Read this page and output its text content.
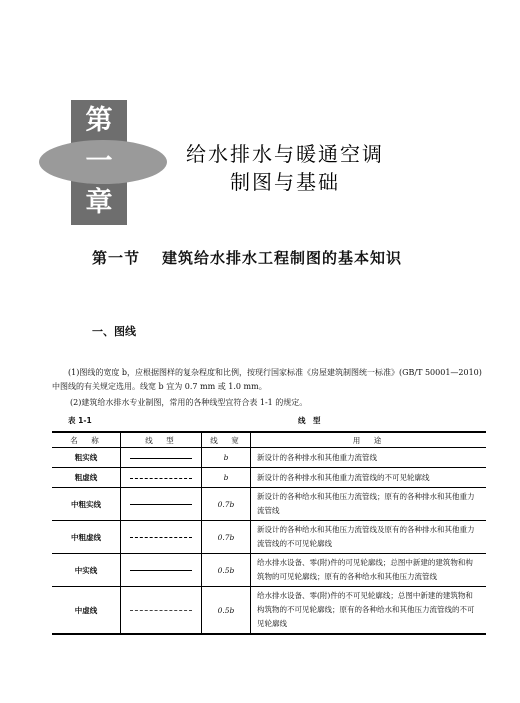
第
一
章
给水排水与暖通空调
制图与基础
第一节 建筑给水排水工程制图的基本知识
一、图线
(1)图线的宽度 b，应根据图样的复杂程度和比例，按现行国家标准《房屋建筑制图统一标准》(GB/T 50001—2010)中图线的有关规定选用。线宽 b 宜为 0.7 mm 或 1.0 mm。
(2)建筑给水排水专业制图，常用的各种线型宜符合表 1-1 的规定。
表 1-1	线　型
名　称	线　型	线　宽	用　途
粗实线		b	新设计的各种排水和其他重力流管线
粗虚线		b	新设计的各种排水和其他重力流管线的不可见轮廓线
中粗实线		0.7b	新设计的各种给水和其他压力流管线；原有的各种排水和其他重力流管线
中粗虚线		0.7b	新设计的各种给水和其他压力流管线及原有的各种排水和其他重力流管线的不可见轮廓线
中实线		0.5b	给水排水设备、零(附)件的可见轮廓线；总图中新建的建筑物和构筑物的可见轮廓线；原有的各种给水和其他压力流管线
中虚线		0.5b	给水排水设备、零(附)件的不可见轮廓线；总图中新建的建筑物和构筑物的不可见轮廓线；原有的各种给水和其他压力流管线的不可见轮廓线
